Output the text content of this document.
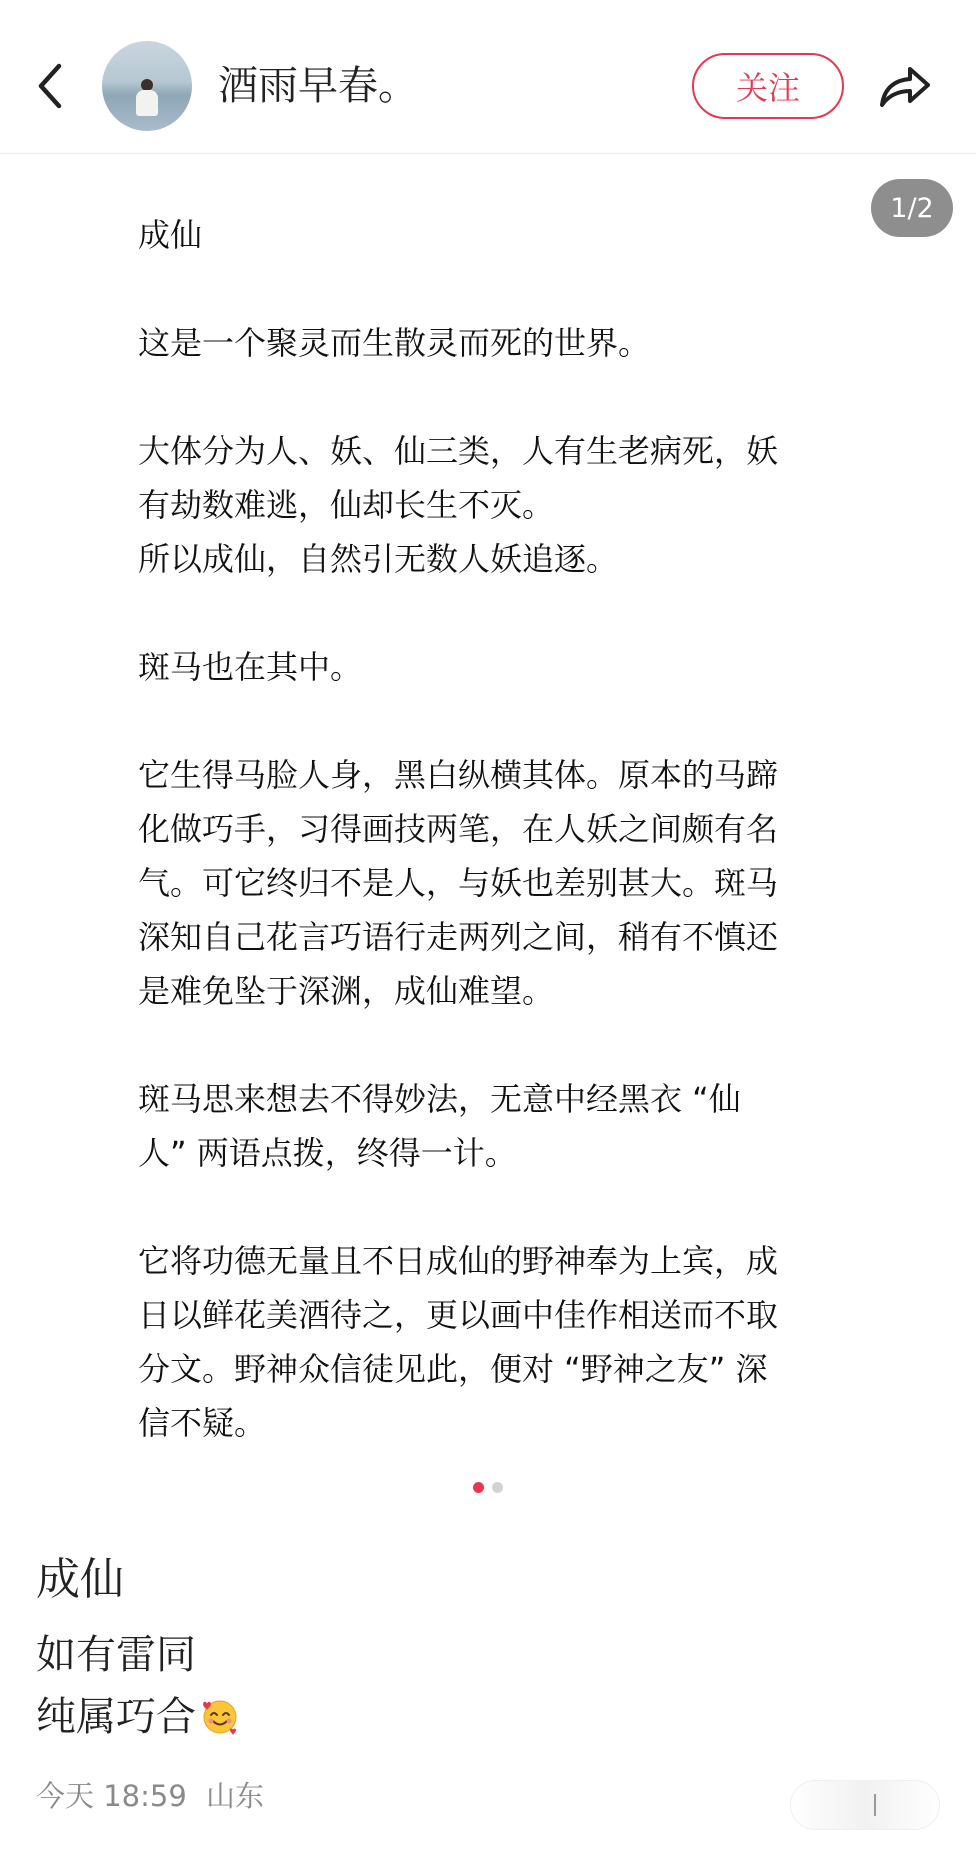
酒雨早春。	关注
1/2

成仙

这是一个聚灵而生散灵而死的世界。

大体分为人、妖、仙三类，人有生老病死，妖
有劫数难逃，仙却长生不灭。
所以成仙，自然引无数人妖追逐。

斑马也在其中。

它生得马脸人身，黑白纵横其体。原本的马蹄
化做巧手，习得画技两笔，在人妖之间颇有名
气。可它终归不是人，与妖也差别甚大。斑马
深知自己花言巧语行走两列之间，稍有不慎还
是难免坠于深渊，成仙难望。

斑马思来想去不得妙法，无意中经黑衣 “仙
人” 两语点拨，终得一计。

它将功德无量且不日成仙的野神奉为上宾，成
日以鲜花美酒待之，更以画中佳作相送而不取
分文。野神众信徒见此，便对 “野神之友” 深
信不疑。

成仙
如有雷同
纯属巧合
今天 18:59 山东
